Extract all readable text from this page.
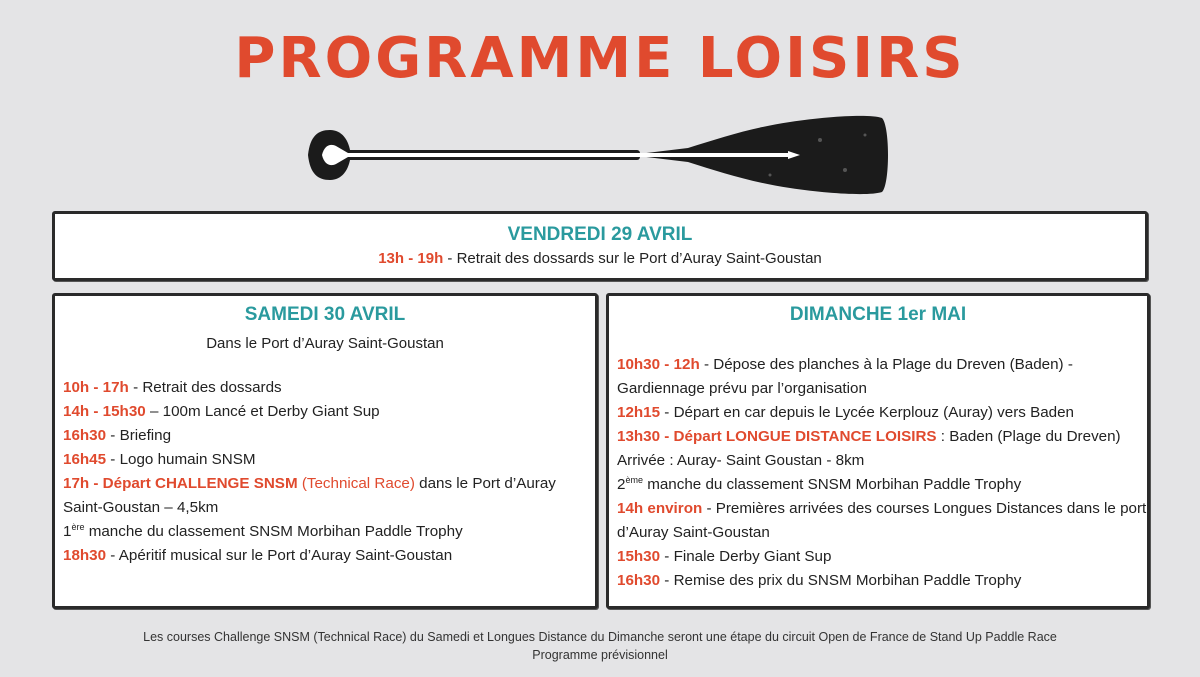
PROGRAMME LOISIRS
VENDREDI 29 AVRIL
13h - 19h - Retrait des dossards sur le Port d’Auray Saint-Goustan
SAMEDI 30 AVRIL
Dans le Port d’Auray Saint-Goustan
10h - 17h - Retrait des dossards
14h - 15h30 – 100m Lancé et Derby Giant Sup
16h30 - Briefing
16h45 - Logo humain SNSM
17h - Départ CHALLENGE SNSM (Technical Race) dans le Port d’Auray Saint-Goustan – 4,5km
1ère manche du classement SNSM Morbihan Paddle Trophy
18h30 - Apéritif musical sur le Port d’Auray Saint-Goustan
DIMANCHE 1er MAI
10h30 - 12h - Dépose des planches à la Plage du Dreven (Baden) - Gardiennage prévu par l’organisation
12h15 - Départ en car depuis le Lycée Kerplouz (Auray) vers Baden
13h30 - Départ LONGUE DISTANCE LOISIRS : Baden (Plage du Dreven)
Arrivée : Auray- Saint Goustan - 8km
2ème manche du classement SNSM Morbihan Paddle Trophy
14h environ - Premières arrivées des courses Longues Distances dans le port d’Auray Saint-Goustan
15h30 - Finale Derby Giant Sup
16h30 - Remise des prix du SNSM Morbihan Paddle Trophy
Les courses Challenge SNSM (Technical Race) du Samedi et Longues Distance du Dimanche seront une étape du circuit Open de France de Stand Up Paddle Race
Programme prévisionnel
